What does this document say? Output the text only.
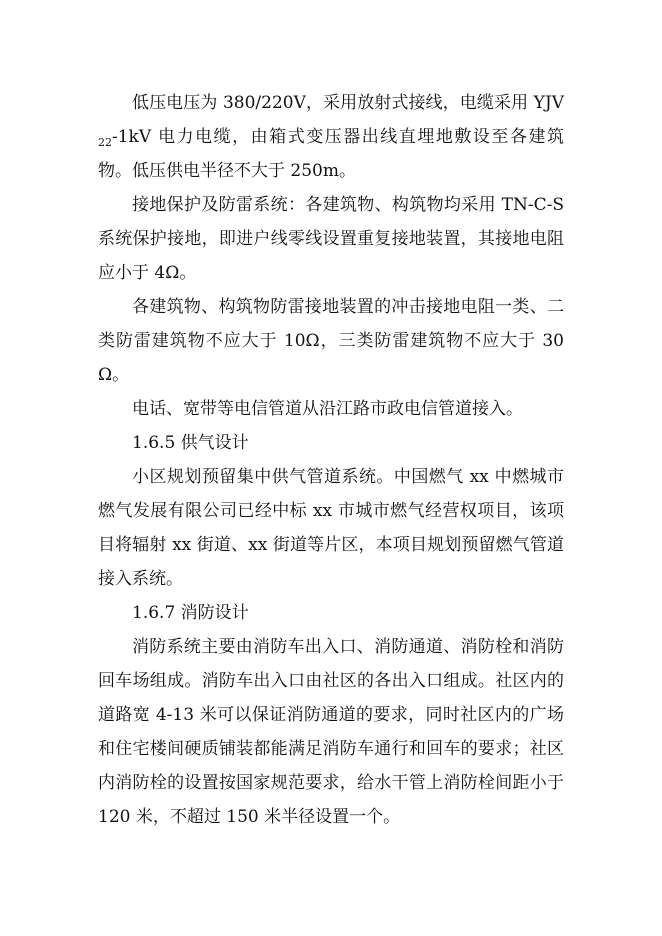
低压电压为 380/220V，采用放射式接线，电缆采用 $YJV_{22}-1kV$ 电力电缆，由箱式变压器出线直埋地敷设至各建筑物。低压供电半径不大于 250m。

接地保护及防雷系统：各建筑物、构筑物均采用 TN-C-S 系统保护接地，即进户线零线设置重复接地装置，其接地电阻应小于 4Ω。

各建筑物、构筑物防雷接地装置的冲击接地电阻一类、二类防雷建筑物不应大于 10Ω，三类防雷建筑物不应大于 30Ω。

电话、宽带等电信管道从沿江路市政电信管道接入。

1.6.5 供气设计

小区规划预留集中供气管道系统。中国燃气 xx 中燃城市燃气发展有限公司已经中标 xx 市城市燃气经营权项目，该项目将辐射 xx 街道、xx 街道等片区，本项目规划预留燃气管道接入系统。

1.6.7 消防设计

消防系统主要由消防车出入口、消防通道、消防栓和消防回车场组成。消防车出入口由社区的各出入口组成。社区内的道路宽 4-13 米可以保证消防通道的要求，同时社区内的广场和住宅楼间硬质铺装都能满足消防车通行和回车的要求；社区内消防栓的设置按国家规范要求，给水干管上消防栓间距小于 120 米，不超过 150 米半径设置一个。
